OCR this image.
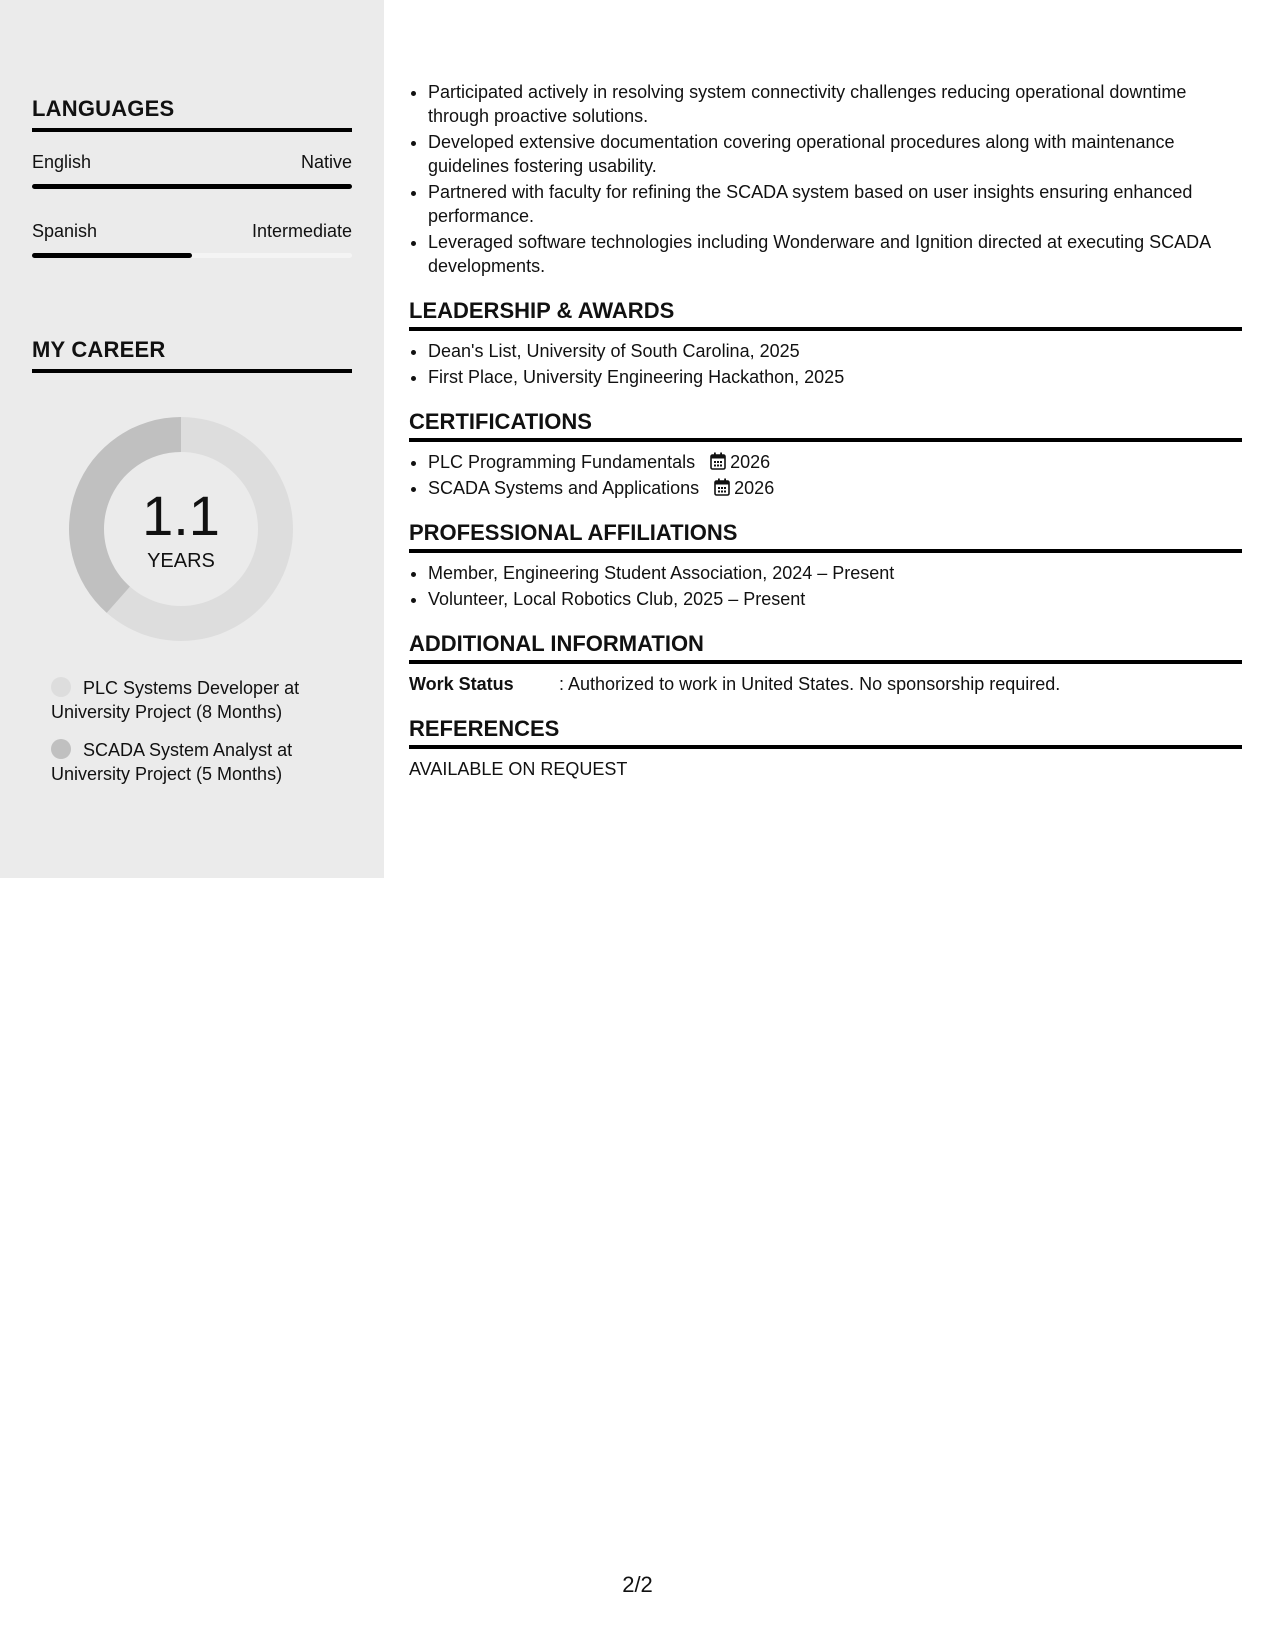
LANGUAGES
English	Native
Spanish	Intermediate
MY CAREER
1.1
YEARS
PLC Systems Developer at University Project (8 Months)
SCADA System Analyst at University Project (5 Months)
• Participated actively in resolving system connectivity challenges reducing operational downtime through proactive solutions.
• Developed extensive documentation covering operational procedures along with maintenance guidelines fostering usability.
• Partnered with faculty for refining the SCADA system based on user insights ensuring enhanced performance.
• Leveraged software technologies including Wonderware and Ignition directed at executing SCADA developments.
LEADERSHIP & AWARDS
• Dean's List, University of South Carolina, 2025
• First Place, University Engineering Hackathon, 2025
CERTIFICATIONS
• PLC Programming Fundamentals 2026
• SCADA Systems and Applications 2026
PROFESSIONAL AFFILIATIONS
• Member, Engineering Student Association, 2024 – Present
• Volunteer, Local Robotics Club, 2025 – Present
ADDITIONAL INFORMATION
Work Status	: Authorized to work in United States. No sponsorship required.
REFERENCES
AVAILABLE ON REQUEST
2/2
